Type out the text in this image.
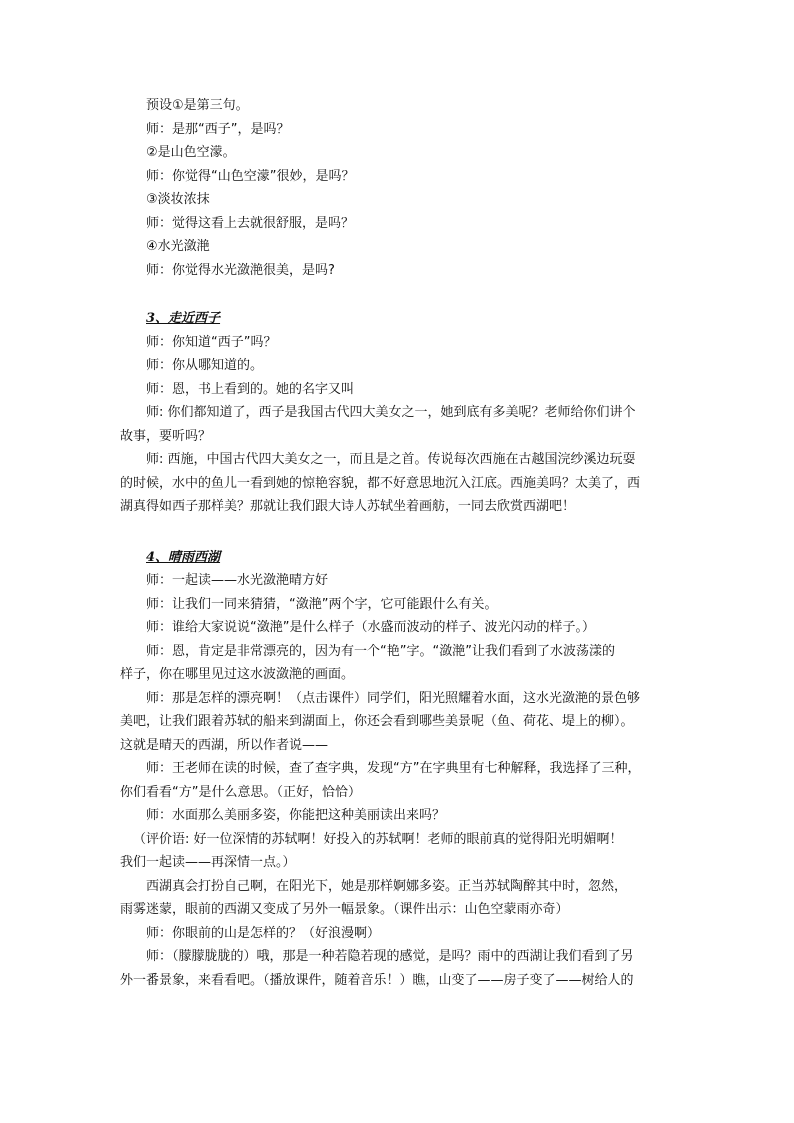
预设①是第三句。
师：是那“西子”，是吗？
②是山色空濛。
师：你觉得“山色空濛”很妙，是吗？
③淡妆浓抹
师：觉得这看上去就很舒服，是吗？
④水光潋滟
师：你觉得水光潋滟很美，是吗?
3、走近西子
师：你知道“西子”吗？
师：你从哪知道的。
师：恩，书上看到的。她的名字又叫
师: 你们都知道了，西子是我国古代四大美女之一，她到底有多美呢？老师给你们讲个
故事，要听吗？
师: 西施，中国古代四大美女之一，而且是之首。传说每次西施在古越国浣纱溪边玩耍
的时候，水中的鱼儿一看到她的惊艳容貌，都不好意思地沉入江底。西施美吗？太美了，西
湖真得如西子那样美？那就让我们跟大诗人苏轼坐着画舫，一同去欣赏西湖吧！
4、晴雨西湖
师：一起读——水光潋滟晴方好
师：让我们一同来猜猜，“潋滟”两个字，它可能跟什么有关。
师：谁给大家说说“潋滟”是什么样子（水盛而波动的样子、波光闪动的样子。）
师：恩，肯定是非常漂亮的，因为有一个“艳”字。“潋滟”让我们看到了水波荡漾的
样子，你在哪里见过这水波潋滟的画面。
师：那是怎样的漂亮啊！（点击课件）同学们，阳光照耀着水面，这水光潋滟的景色够
美吧，让我们跟着苏轼的船来到湖面上，你还会看到哪些美景呢（鱼、荷花、堤上的柳）。
这就是晴天的西湖，所以作者说——
师：王老师在读的时候，查了查字典，发现“方”在字典里有七种解释，我选择了三种，
你们看看“方”是什么意思。（正好，恰恰）
师：水面那么美丽多姿，你能把这种美丽读出来吗？
（评价语: 好一位深情的苏轼啊！好投入的苏轼啊！老师的眼前真的觉得阳光明媚啊！
我们一起读——再深情一点。）
西湖真会打扮自己啊，在阳光下，她是那样婀娜多姿。正当苏轼陶醉其中时，忽然，
雨雾迷蒙，眼前的西湖又变成了另外一幅景象。（课件出示：山色空蒙雨亦奇）
师：你眼前的山是怎样的？（好浪漫啊）
师：（朦朦胧胧的）哦，那是一种若隐若现的感觉，是吗？雨中的西湖让我们看到了另
外一番景象，来看看吧。（播放课件，随着音乐！）瞧，山变了——房子变了——树给人的
